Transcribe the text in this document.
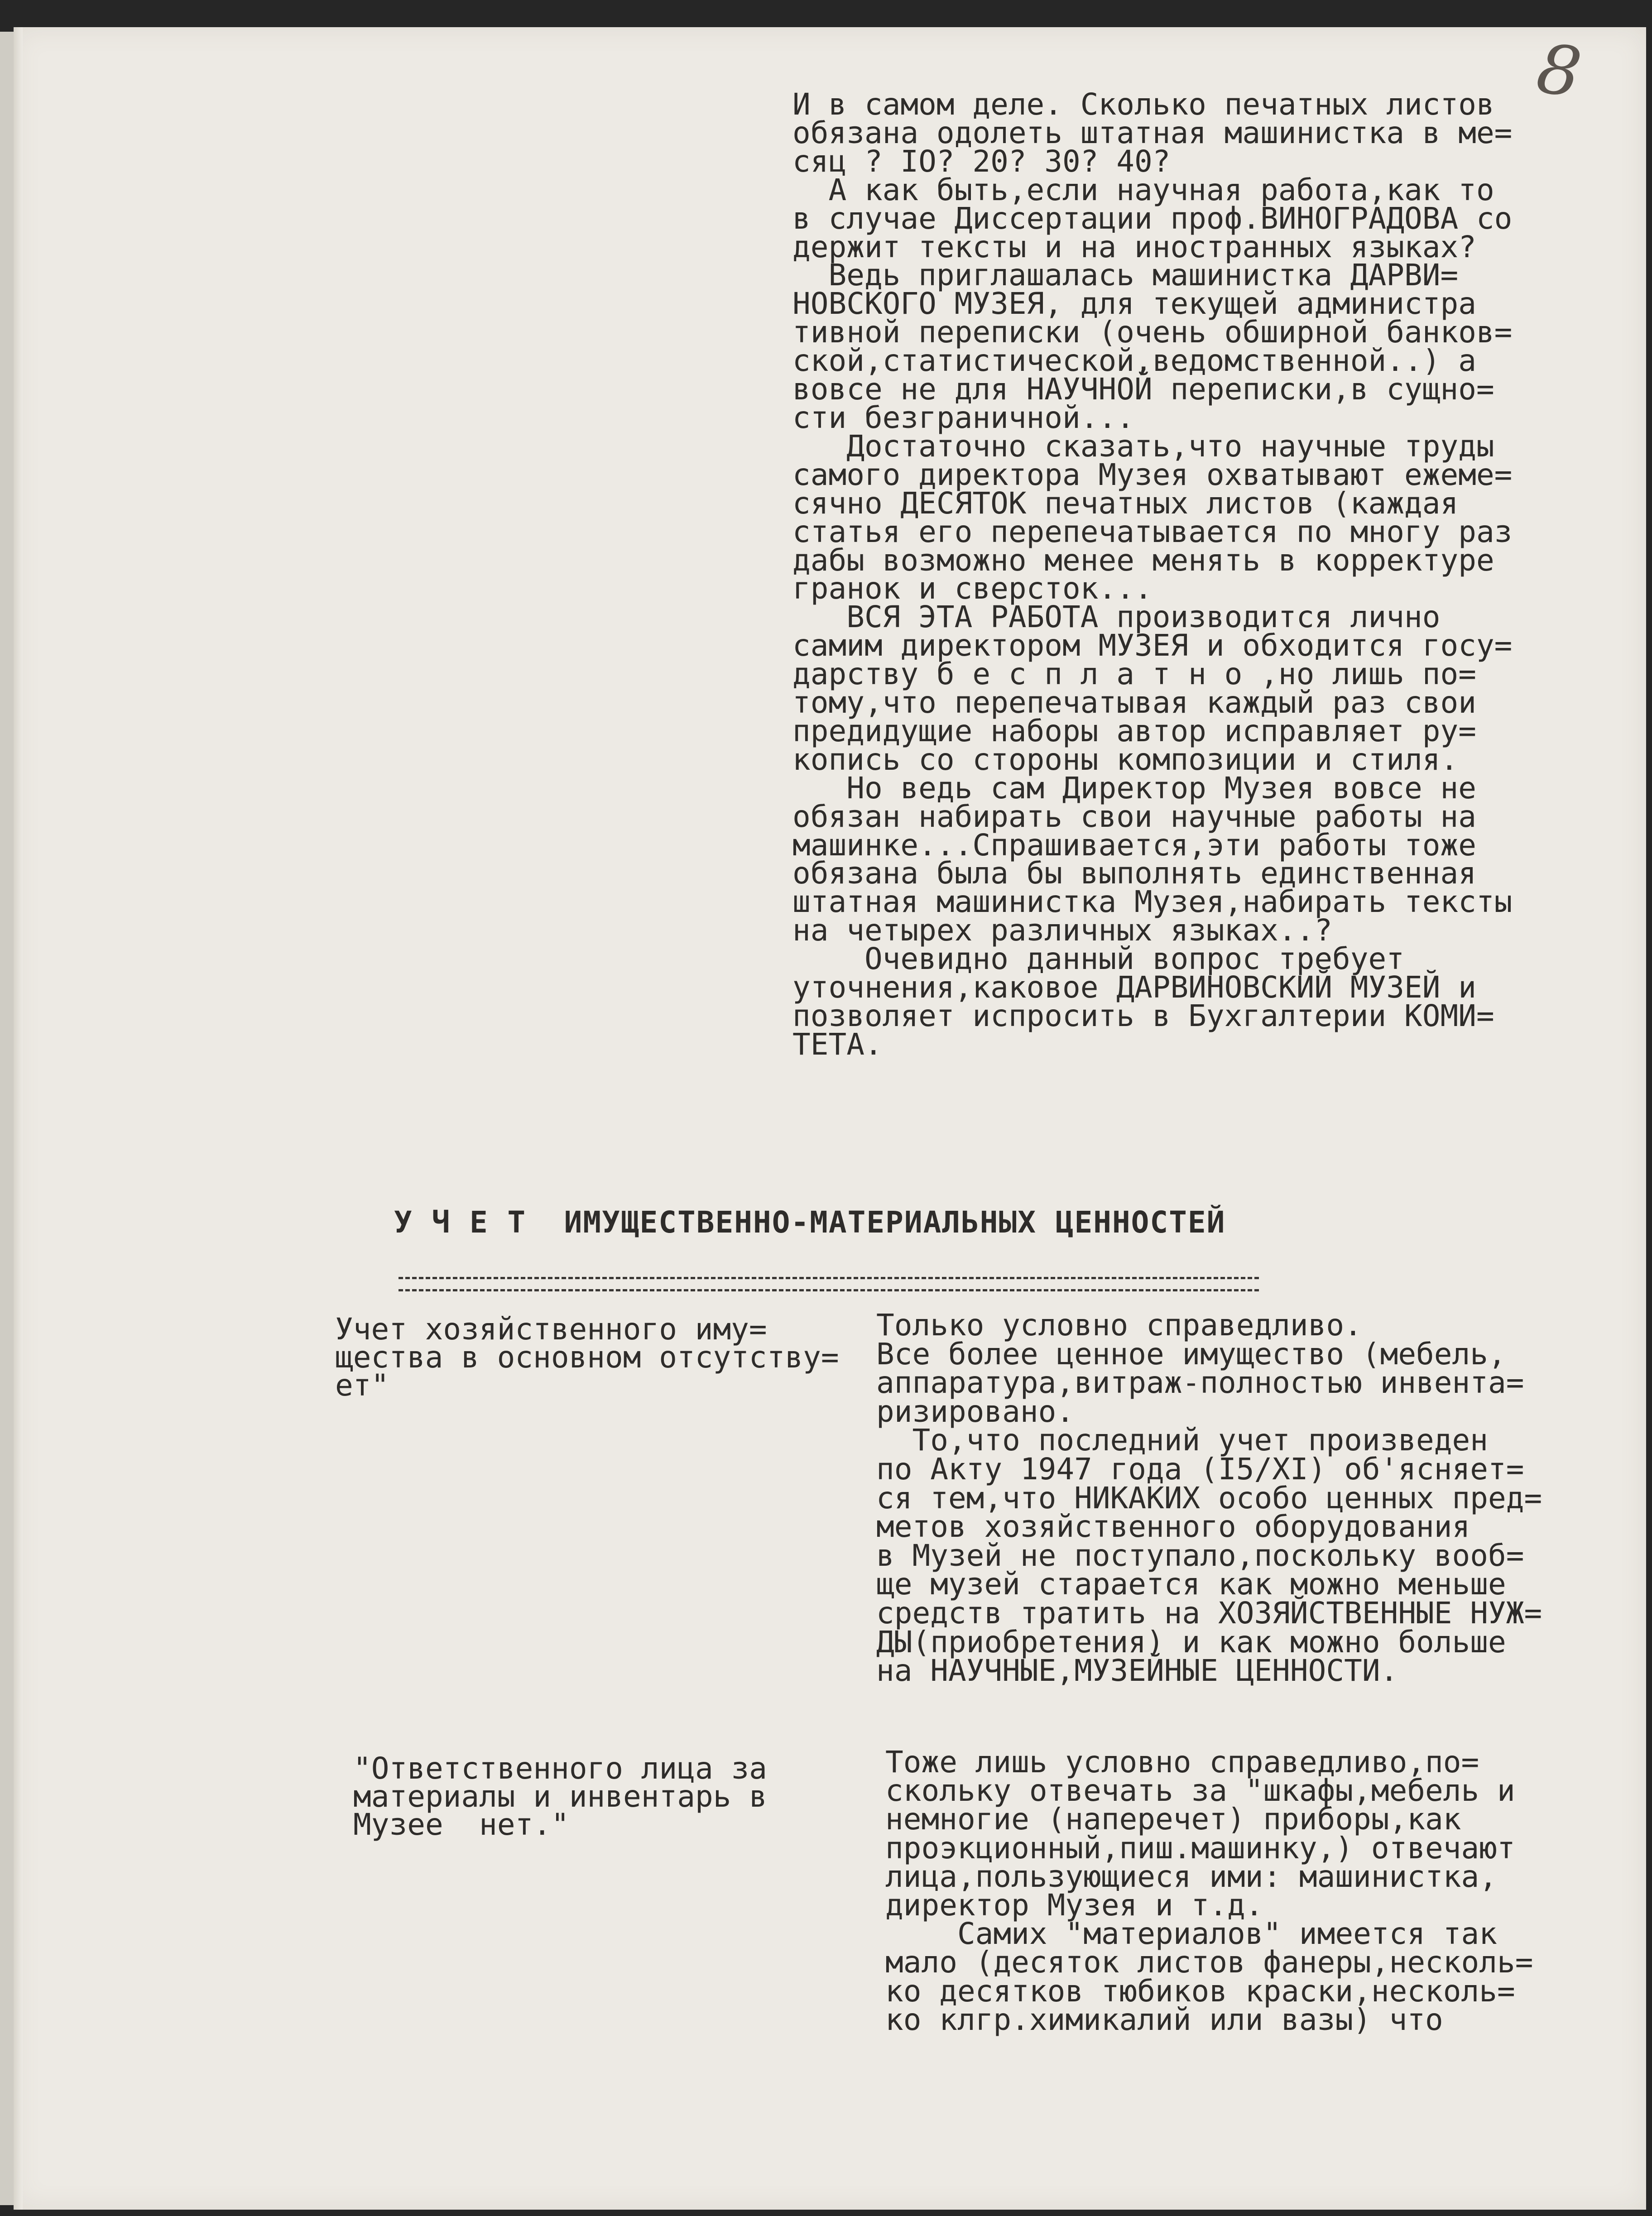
8
И в самом деле. Сколько печатных листов
обязана одолеть штатная машинистка в ме=
сяц ? IO? 20? 30? 40?
А как быть,если научная работа,как то
в случае Диссертации проф.ВИНОГРАДОВА со
держит тексты и на иностранных языках?
Ведь приглашалась машинистка ДАРВИ=
НОВСКОГО МУЗЕЯ, для текущей администра
тивной переписки (очень обширной банков=
ской,статистической,ведомственной..) а
вовсе не для НАУЧНОЙ переписки,в сущно=
сти безграничной...
Достаточно сказать,что научные труды
самого директора Музея охватывают ежеме=
сячно ДЕСЯТОК печатных листов (каждая
статья его перепечатывается по многу раз
дабы возможно менее менять в корректуре
гранок и сверсток...
ВСЯ ЭТА РАБОТА производится лично
самим директором МУЗЕЯ и обходится госу=
дарству б е с п л а т н о ,но лишь по=
тому,что перепечатывая каждый раз свои
предидущие наборы автор исправляет ру=
копись со стороны композиции и стиля.
Но ведь сам Директор Музея вовсе не
обязан набирать свои научные работы на
машинке...Спрашивается,эти работы тоже
обязана была бы выполнять единственная
штатная машинистка Музея,набирать тексты
на четырех различных языках..?
Очевидно данный вопрос требует
уточнения,каковое ДАРВИНОВСКИЙ МУЗЕЙ и
позволяет испросить в Бухгалтерии КОМИ=
ТЕТА.
У Ч Е Т  ИМУЩЕСТВЕННО-МАТЕРИАЛЬНЫХ ЦЕННОСТЕЙ
Учет хозяйственного иму=
щества в основном отсутству=
ет"
Только условно справедливо.
Все более ценное имущество (мебель,
аппаратура,витраж-полностью инвента=
ризировано.
То,что последний учет произведен
по Акту 1947 года (I5/XI) об'ясняет=
ся тем,что НИКАКИХ особо ценных пред=
метов хозяйственного оборудования
в Музей не поступало,поскольку вооб=
ще музей старается как можно меньше
средств тратить на ХОЗЯЙСТВЕННЫЕ НУЖ=
ДЫ(приобретения) и как можно больше
на НАУЧНЫЕ,МУЗЕЙНЫЕ ЦЕННОСТИ.
"Ответственного лица за
материалы и инвентарь в
Музее  нет."
Тоже лишь условно справедливо,по=
скольку отвечать за "шкафы,мебель и
немногие (наперечет) приборы,как
проэкционный,пиш.машинку,) отвечают
лица,пользующиеся ими: машинистка,
директор Музея и т.д.
Самих "материалов" имеется так
мало (десяток листов фанеры,несколь=
ко десятков тюбиков краски,несколь=
ко клгр.химикалий или вазы) что
